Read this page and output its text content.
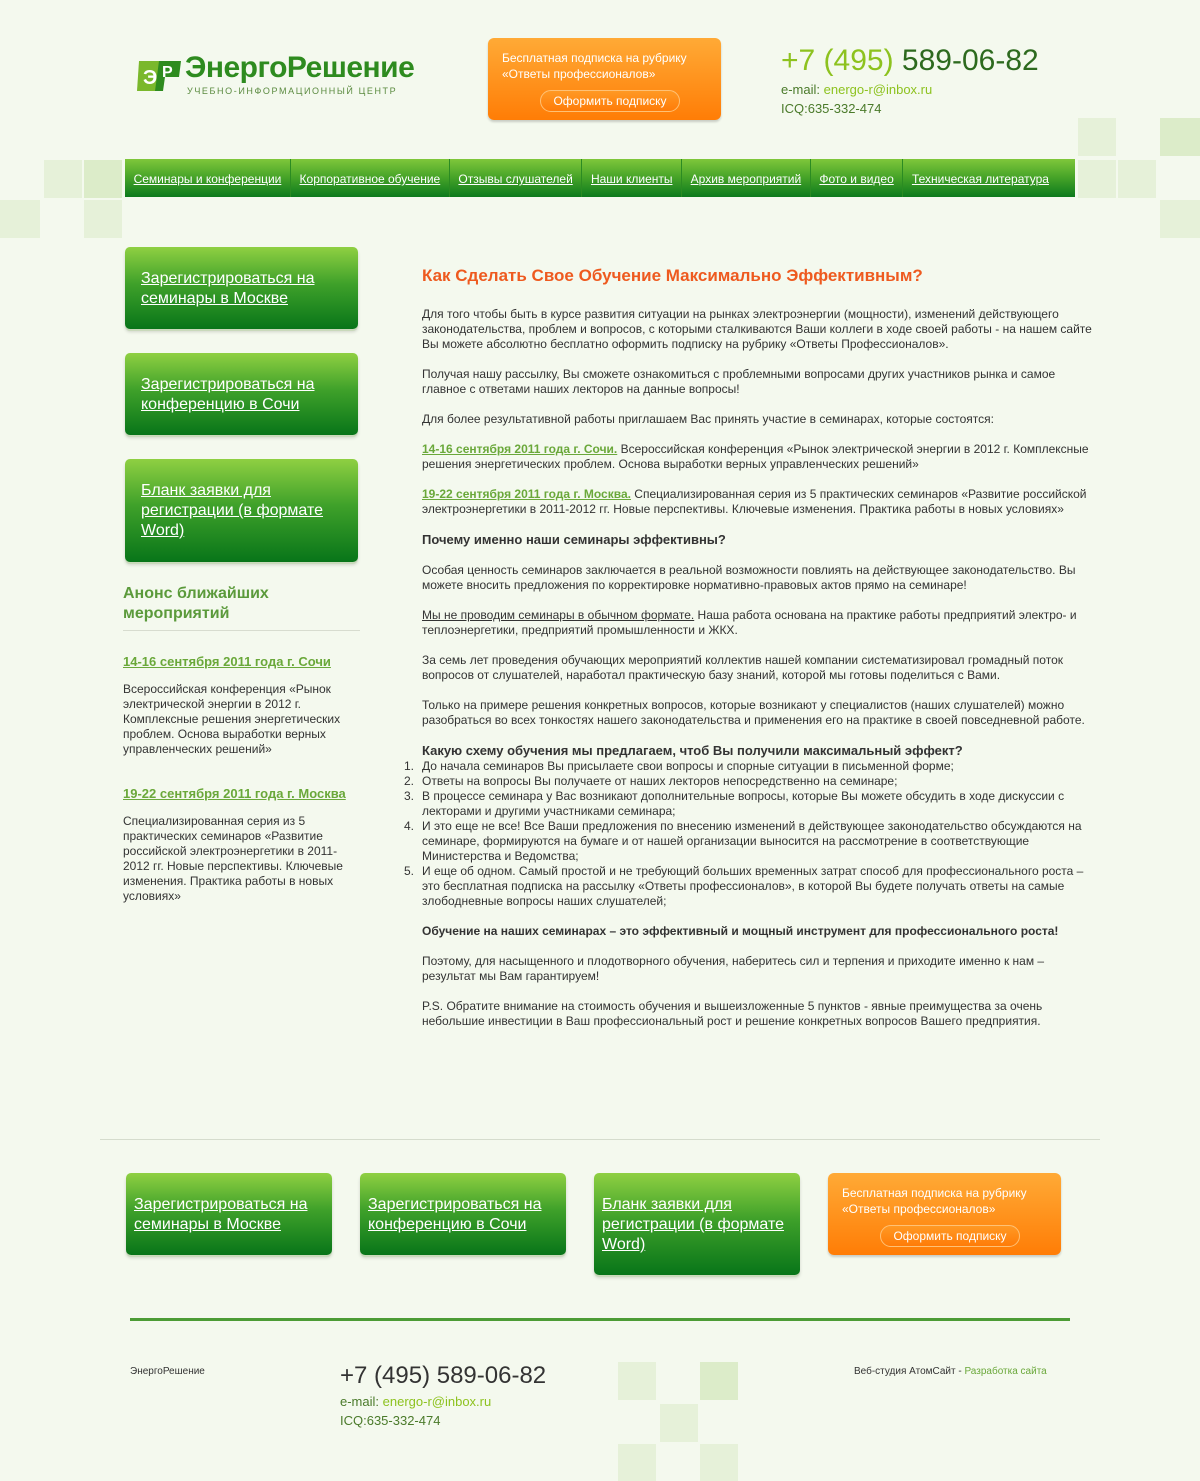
Э P ЭнергоРешение
УЧЕБНО-ИНФОРМАЦИОННЫЙ ЦЕНТР
Бесплатная подписка на рубрику
«Ответы профессионалов»
Оформить подписку
+7 (495) 589-06-82
e-mail: energo-r@inbox.ru
ICQ:635-332-474
Семинары и конференции	Корпоративное обучение	Отзывы слушателей	Наши клиенты	Архив мероприятий	Фото и видео	Техническая литература
Зарегистрироваться на семинары в Москве
Зарегистрироваться на конференцию в Сочи
Бланк заявки для регистрации (в формате Word)
Анонс ближайших мероприятий
14-16 сентября 2011 года г. Сочи
Всероссийская конференция «Рынок электрической энергии в 2012 г. Комплексные решения энергетических проблем. Основа выработки верных управленческих решений»
19-22 сентября 2011 года г. Москва
Специализированная серия из 5 практических семинаров «Развитие российской электроэнергетики в 2011-2012 гг. Новые перспективы. Ключевые изменения. Практика работы в новых условиях»
Как Сделать Свое Обучение Максимально Эффективным?

Для того чтобы быть в курсе развития ситуации на рынках электроэнергии (мощности), изменений действующего законодательства, проблем и вопросов, с которыми сталкиваются Ваши коллеги в ходе своей работы - на нашем сайте Вы можете абсолютно бесплатно оформить подписку на рубрику «Ответы Профессионалов».

Получая нашу рассылку, Вы сможете ознакомиться с проблемными вопросами других участников рынка и самое главное с ответами наших лекторов на данные вопросы!

Для более результативной работы приглашаем Вас принять участие в семинарах, которые состоятся:

14-16 сентября 2011 года г. Сочи. Всероссийская конференция «Рынок электрической энергии в 2012 г. Комплексные решения энергетических проблем. Основа выработки верных управленческих решений»

19-22 сентября 2011 года г. Москва. Специализированная серия из 5 практических семинаров «Развитие российской электроэнергетики в 2011-2012 гг. Новые перспективы. Ключевые изменения. Практика работы в новых условиях»

Почему именно наши семинары эффективны?

Особая ценность семинаров заключается в реальной возможности повлиять на действующее законодательство. Вы можете вносить предложения по корректировке нормативно-правовых актов прямо на семинаре!

Мы не проводим семинары в обычном формате. Наша работа основана на практике работы предприятий электро- и теплоэнергетики, предприятий промышленности и ЖКХ.

За семь лет проведения обучающих мероприятий коллектив нашей компании систематизировал громадный поток вопросов от слушателей, наработал практическую базу знаний, которой мы готовы поделиться с Вами.

Только на примере решения конкретных вопросов, которые возникают у специалистов (наших слушателей) можно разобраться во всех тонкостях нашего законодательства и применения его на практике в своей повседневной работе.

Какую схему обучения мы предлагаем, чтоб Вы получили максимальный эффект?
1. До начала семинаров Вы присылаете свои вопросы и спорные ситуации в письменной форме;
2. Ответы на вопросы Вы получаете от наших лекторов непосредственно на семинаре;
3. В процессе семинара у Вас возникают дополнительные вопросы, которые Вы можете обсудить в ходе дискуссии с лекторами и другими участниками семинара;
4. И это еще не все! Все Ваши предложения по внесению изменений в действующее законодательство обсуждаются на семинаре, формируются на бумаге и от нашей организации выносится на рассмотрение в соответствующие Министерства и Ведомства;
5. И еще об одном. Самый простой и не требующий больших временных затрат способ для профессионального роста – это бесплатная подписка на рассылку «Ответы профессионалов», в которой Вы будете получать ответы на самые злободневные вопросы наших слушателей;

Обучение на наших семинарах – это эффективный и мощный инструмент для профессионального роста!

Поэтому, для насыщенного и плодотворного обучения, наберитесь сил и терпения и приходите именно к нам – результат мы Вам гарантируем!

P.S. Обратите внимание на стоимость обучения и вышеизложенные 5 пунктов - явные преимущества за очень небольшие инвестиции в Ваш профессиональный рост и решение конкретных вопросов Вашего предприятия.

Зарегистрироваться на семинары в Москве
Зарегистрироваться на конференцию в Сочи
Бланк заявки для регистрации (в формате Word)
Бесплатная подписка на рубрику
«Ответы профессионалов»
Оформить подписку
ЭнергоРешение	+7 (495) 589-06-82
e-mail: energo-r@inbox.ru
ICQ:635-332-474
Веб-студия АтомСайт - Разработка сайта
